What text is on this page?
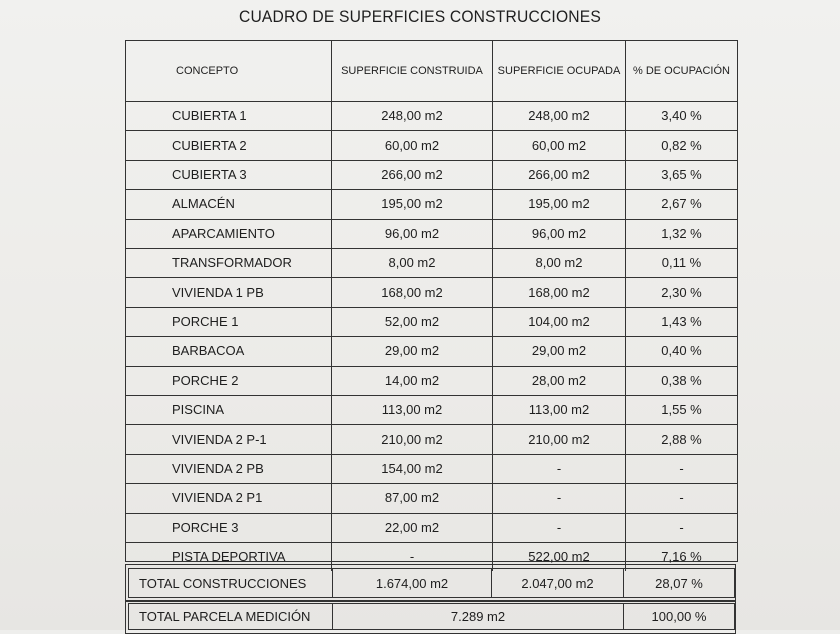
CUADRO DE SUPERFICIES CONSTRUCCIONES
CONCEPTO	SUPERFICIE CONSTRUIDA	SUPERFICIE OCUPADA	% DE OCUPACIÓN
CUBIERTA 1	248,00 m2	248,00 m2	3,40 %
CUBIERTA 2	60,00 m2	60,00 m2	0,82 %
CUBIERTA 3	266,00 m2	266,00 m2	3,65 %
ALMACÉN	195,00 m2	195,00 m2	2,67 %
APARCAMIENTO	96,00 m2	96,00 m2	1,32 %
TRANSFORMADOR	8,00 m2	8,00 m2	0,11 %
VIVIENDA 1 PB	168,00 m2	168,00 m2	2,30 %
PORCHE 1	52,00 m2	104,00 m2	1,43 %
BARBACOA	29,00 m2	29,00 m2	0,40 %
PORCHE 2	14,00 m2	28,00 m2	0,38 %
PISCINA	113,00 m2	113,00 m2	1,55 %
VIVIENDA 2 P-1	210,00 m2	210,00 m2	2,88 %
VIVIENDA 2 PB	154,00 m2	-	-
VIVIENDA 2 P1	87,00 m2	-	-
PORCHE 3	22,00 m2	-	-
PISTA DEPORTIVA	-	522,00 m2	7,16 %
TOTAL CONSTRUCCIONES	1.674,00 m2	2.047,00 m2	28,07 %
TOTAL PARCELA MEDICIÓN	7.289 m2	100,00 %
